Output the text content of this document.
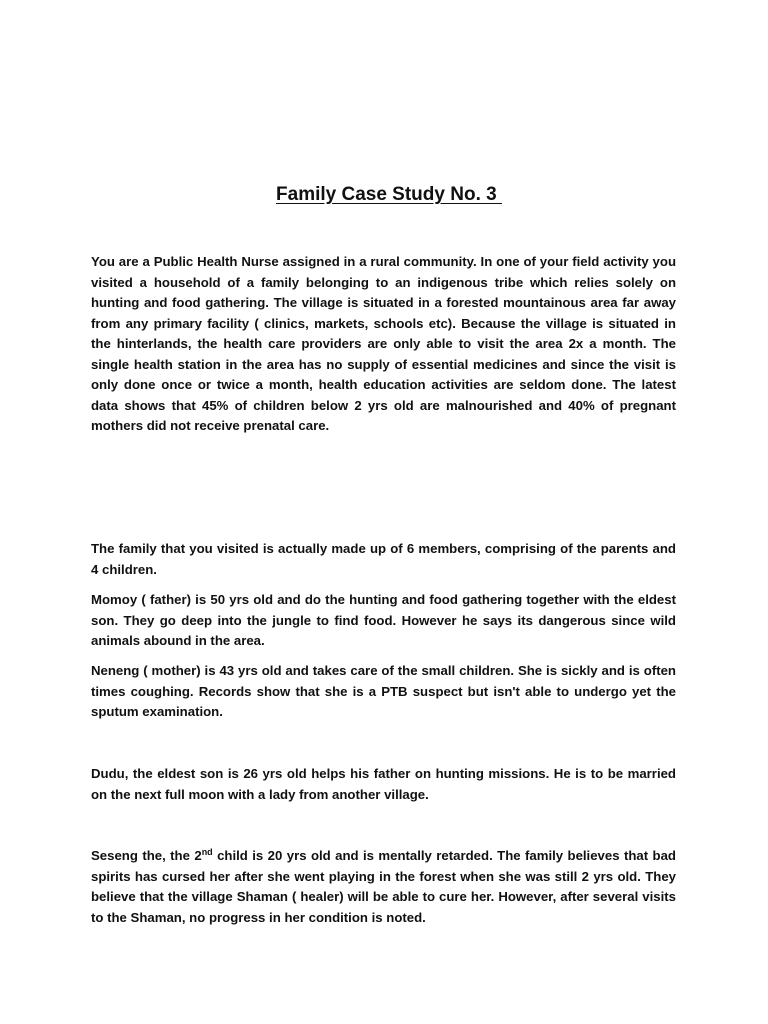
Family Case Study No. 3

You are a Public Health Nurse assigned in a rural community. In one of your field activity you visited a household of a family belonging to an indigenous tribe which relies solely on hunting and food gathering. The village is situated in a forested mountainous area far away from any primary facility ( clinics, markets, schools etc). Because the village is situated in the hinterlands, the health care providers are only able to visit the area 2x a month. The single health station in the area has no supply of essential medicines and since the visit is only done once or twice a month, health education activities are seldom done. The latest data shows that 45% of children below 2 yrs old are malnourished and 40% of pregnant mothers did not receive prenatal care.

The family that you visited is actually made up of 6 members, comprising of the parents and 4 children.

Momoy ( father) is 50 yrs old and do the hunting and food gathering together with the eldest son. They go deep into the jungle to find food. However he says its dangerous since wild animals abound in the area.

Neneng ( mother) is 43 yrs old and takes care of the small children. She is sickly and is often times coughing. Records show that she is a PTB suspect but isn't able to undergo yet the sputum examination.

Dudu, the eldest son is 26 yrs old helps his father on hunting missions. He is to be married on the next full moon with a lady from another village.

Seseng the, the 2nd child is 20 yrs old and is mentally retarded. The family believes that bad spirits has cursed her after she went playing in the forest when she was still 2 yrs old. They believe that the village Shaman ( healer) will be able to cure her. However, after several visits to the Shaman, no progress in her condition is noted.
